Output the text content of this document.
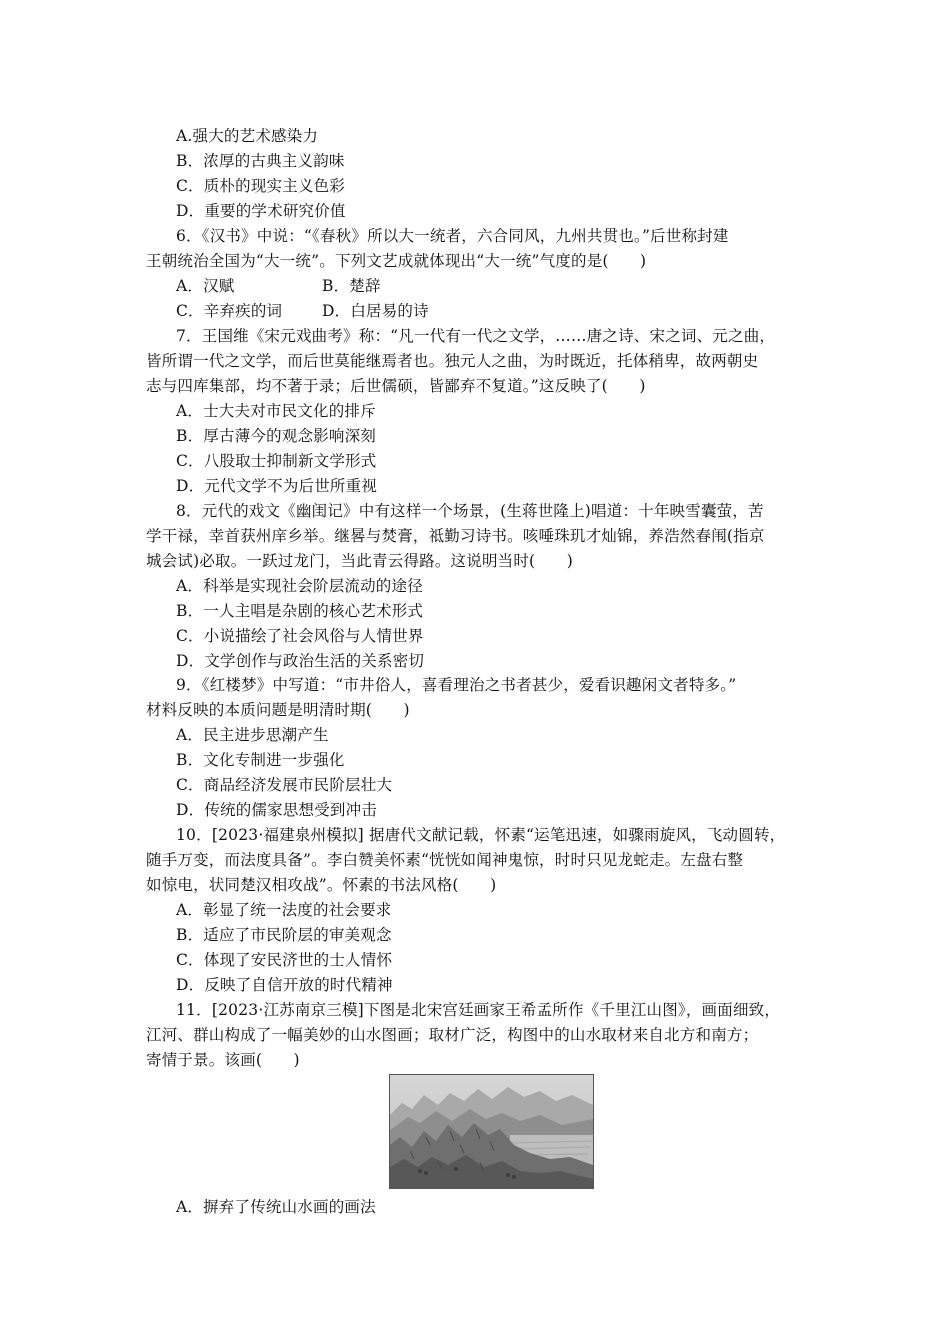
A.强大的艺术感染力
B．浓厚的古典主义韵味
C．质朴的现实主义色彩
D．重要的学术研究价值
6．《汉书》中说：“《春秋》所以大一统者，六合同风，九州共贯也。”后世称封建
王朝统治全国为“大一统”。下列文艺成就体现出“大一统”气度的是(　　)
A．汉赋	B．楚辞
C．辛弃疾的词	D．白居易的诗
7．王国维《宋元戏曲考》称：“凡一代有一代之文学，……唐之诗、宋之词、元之曲，
皆所谓一代之文学，而后世莫能继焉者也。独元人之曲，为时既近，托体稍卑，故两朝史
志与四库集部，均不著于录；后世儒硕，皆鄙弃不复道。”这反映了(　　)
A．士大夫对市民文化的排斥
B．厚古薄今的观念影响深刻
C．八股取士抑制新文学形式
D．元代文学不为后世所重视
8．元代的戏文《幽闺记》中有这样一个场景，(生蒋世隆上)唱道：十年映雪囊萤，苦
学干禄，幸首获州庠乡举。继晷与焚膏，祗勤习诗书。咳唾珠玑才灿锦，养浩然春闱(指京
城会试)必取。一跃过龙门，当此青云得路。这说明当时(　　)
A．科举是实现社会阶层流动的途径
B．一人主唱是杂剧的核心艺术形式
C．小说描绘了社会风俗与人情世界
D．文学创作与政治生活的关系密切
9．《红楼梦》中写道：“市井俗人，喜看理治之书者甚少，爱看识趣闲文者特多。”
材料反映的本质问题是明清时期(　　)
A．民主进步思潮产生
B．文化专制进一步强化
C．商品经济发展市民阶层壮大
D．传统的儒家思想受到冲击
10．[2023·福建泉州模拟] 据唐代文献记载，怀素“运笔迅速，如骤雨旋风，飞动圆转，
随手万变，而法度具备”。李白赞美怀素“恍恍如闻神鬼惊，时时只见龙蛇走。左盘右整
如惊电，状同楚汉相攻战”。怀素的书法风格(　　)
A．彰显了统一法度的社会要求
B．适应了市民阶层的审美观念
C．体现了安民济世的士人情怀
D．反映了自信开放的时代精神
11．[2023·江苏南京三模]下图是北宋宫廷画家王希孟所作《千里江山图》，画面细致，
江河、群山构成了一幅美妙的山水图画；取材广泛，构图中的山水取材来自北方和南方；
寄情于景。该画(　　)
A．摒弃了传统山水画的画法
